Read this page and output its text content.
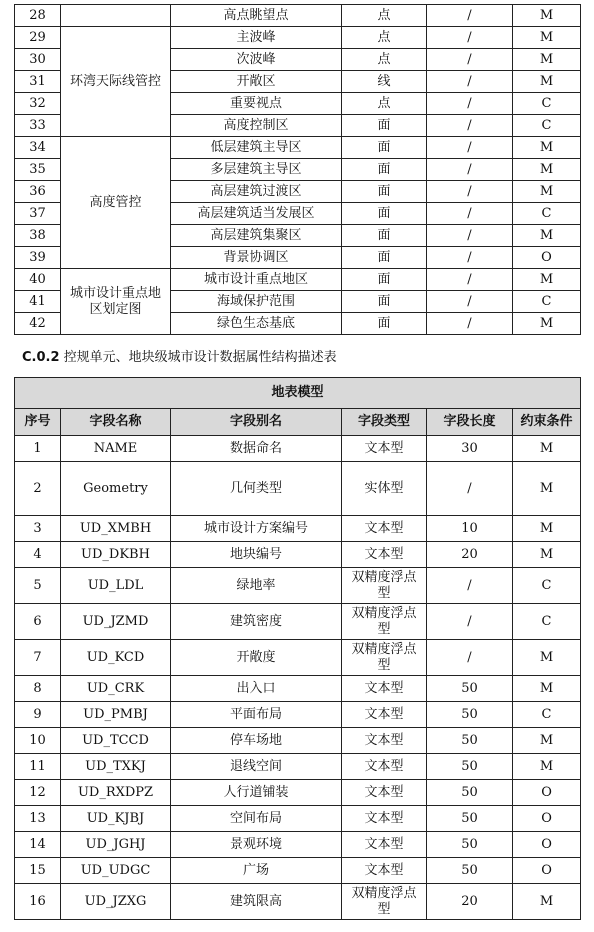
28		高点眺望点	点	/	M
29	环湾天际线管控	主波峰	点	/	M
30		次波峰	点	/	M
31		开敞区	线	/	M
32		重要视点	点	/	C
33		高度控制区	面	/	C
34	高度管控	低层建筑主导区	面	/	M
35		多层建筑主导区	面	/	M
36		高层建筑过渡区	面	/	M
37		高层建筑适当发展区	面	/	C
38		高层建筑集聚区	面	/	M
39		背景协调区	面	/	O
40	城市设计重点地区划定图	城市设计重点地区	面	/	M
41		海域保护范围	面	/	C
42		绿色生态基底	面	/	M
C.0.2 控规单元、地块级城市设计数据属性结构描述表
地表模型					
序号	字段名称	字段别名	字段类型	字段长度	约束条件
1	NAME	数据命名	文本型	30	M
2	Geometry	几何类型	实体型	/	M
3	UD_XMBH	城市设计方案编号	文本型	10	M
4	UD_DKBH	地块编号	文本型	20	M
5	UD_LDL	绿地率	双精度浮点型	/	C
6	UD_JZMD	建筑密度	双精度浮点型	/	C
7	UD_KCD	开敞度	双精度浮点型	/	M
8	UD_CRK	出入口	文本型	50	M
9	UD_PMBJ	平面布局	文本型	50	C
10	UD_TCCD	停车场地	文本型	50	M
11	UD_TXKJ	退线空间	文本型	50	M
12	UD_RXDPZ	人行道铺装	文本型	50	O
13	UD_KJBJ	空间布局	文本型	50	O
14	UD_JGHJ	景观环境	文本型	50	O
15	UD_UDGC	广场	文本型	50	O
16	UD_JZXG	建筑限高	双精度浮点型	20	M
